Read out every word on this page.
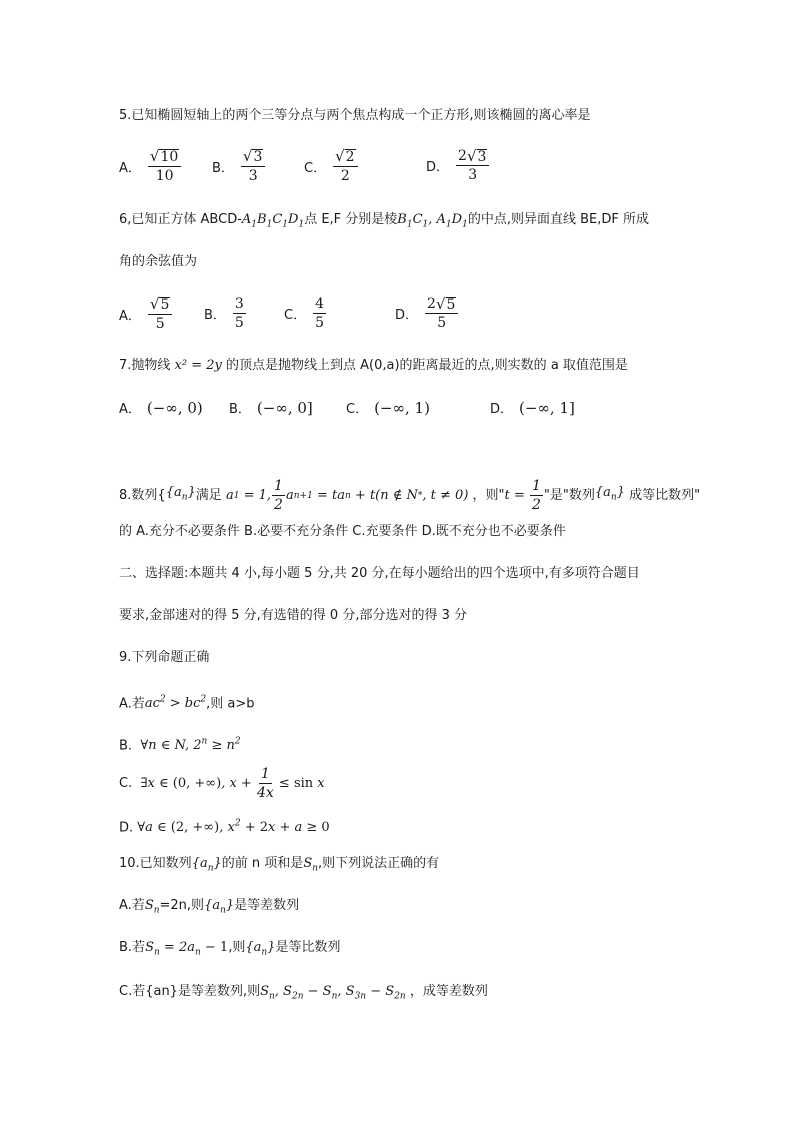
5.已知椭圆短轴上的两个三等分点与两个焦点构成一个正方形,则该椭圆的离心率是
A． $\frac{√ 10}{10}$ B． $\frac{√ 3}{3}$	C． $\frac{√ 2}{2}$	D． $\frac{2 √ 3}{3}$
6,已知正方体 ABCD-$A_1B_1C_1D_1$点 E,F 分别是棱$B_1C_1$, $A_1D_1$的中点,则异面直线 BE,DF 所成
角的余弦值为
A． $\frac{√ 5}{5}$ B． $\frac{3}{5}$	C． $\frac{4}{5}$	D． $\frac{2 √ 5}{5}$
7.抛物线 x² = 2y 的顶点是抛物线上到点 A(0,a)的距离最近的点,则实数的 a 取值范围是
A． (−∞, 0) B． (−∞, 0]	C． (−∞, 1)	D． (−∞, 1]
8.数列{ $\{a_n\}$ 满足
a 1
= 1, $\frac{1}{2}$ a n+1
= ta n
+ t(n ∉ N * , t ≠ 0)
，则" t =
$\frac{1}{2}$ "是"数列 $\{a_n\}$
成等比数列"
的 A.充分不必要条件 B.必要不充分条件 C.充要条件 D.既不充分也不必要条件
二、选择题:本题共 4 小,每小题 5 分,共 20 分,在每小题给出的四个选项中,有多项符合题目
要求,金部速对的得 5 分,有选错的得 0 分,部分选对的得 3 分
9.下列命题正确
A.若$ac^2 > bc^2$,则 a>b
B. ∀n ∈ N, $2^n \ge n^2$
C.
∃ x ∈
(0, +∞) , x +
$\frac{1}{4x}$
≤
sin x
D. ∀a ∈ (2, +∞), $x^2 + 2x + a \ge 0$
10.已知数列$\{a_n\}$的前 n 项和是$S_n$,则下列说法正确的有
A.若$S_n=2n$,则$\{a_n\}$是等差数列
B.若$S_n = 2a_n - 1$,则$\{a_n\}$是等比数列
C.若{an}是等差数列,则$S_n$, $S_{2n} - S_n$, $S_{3n} - S_{2n}$ ，成等差数列
